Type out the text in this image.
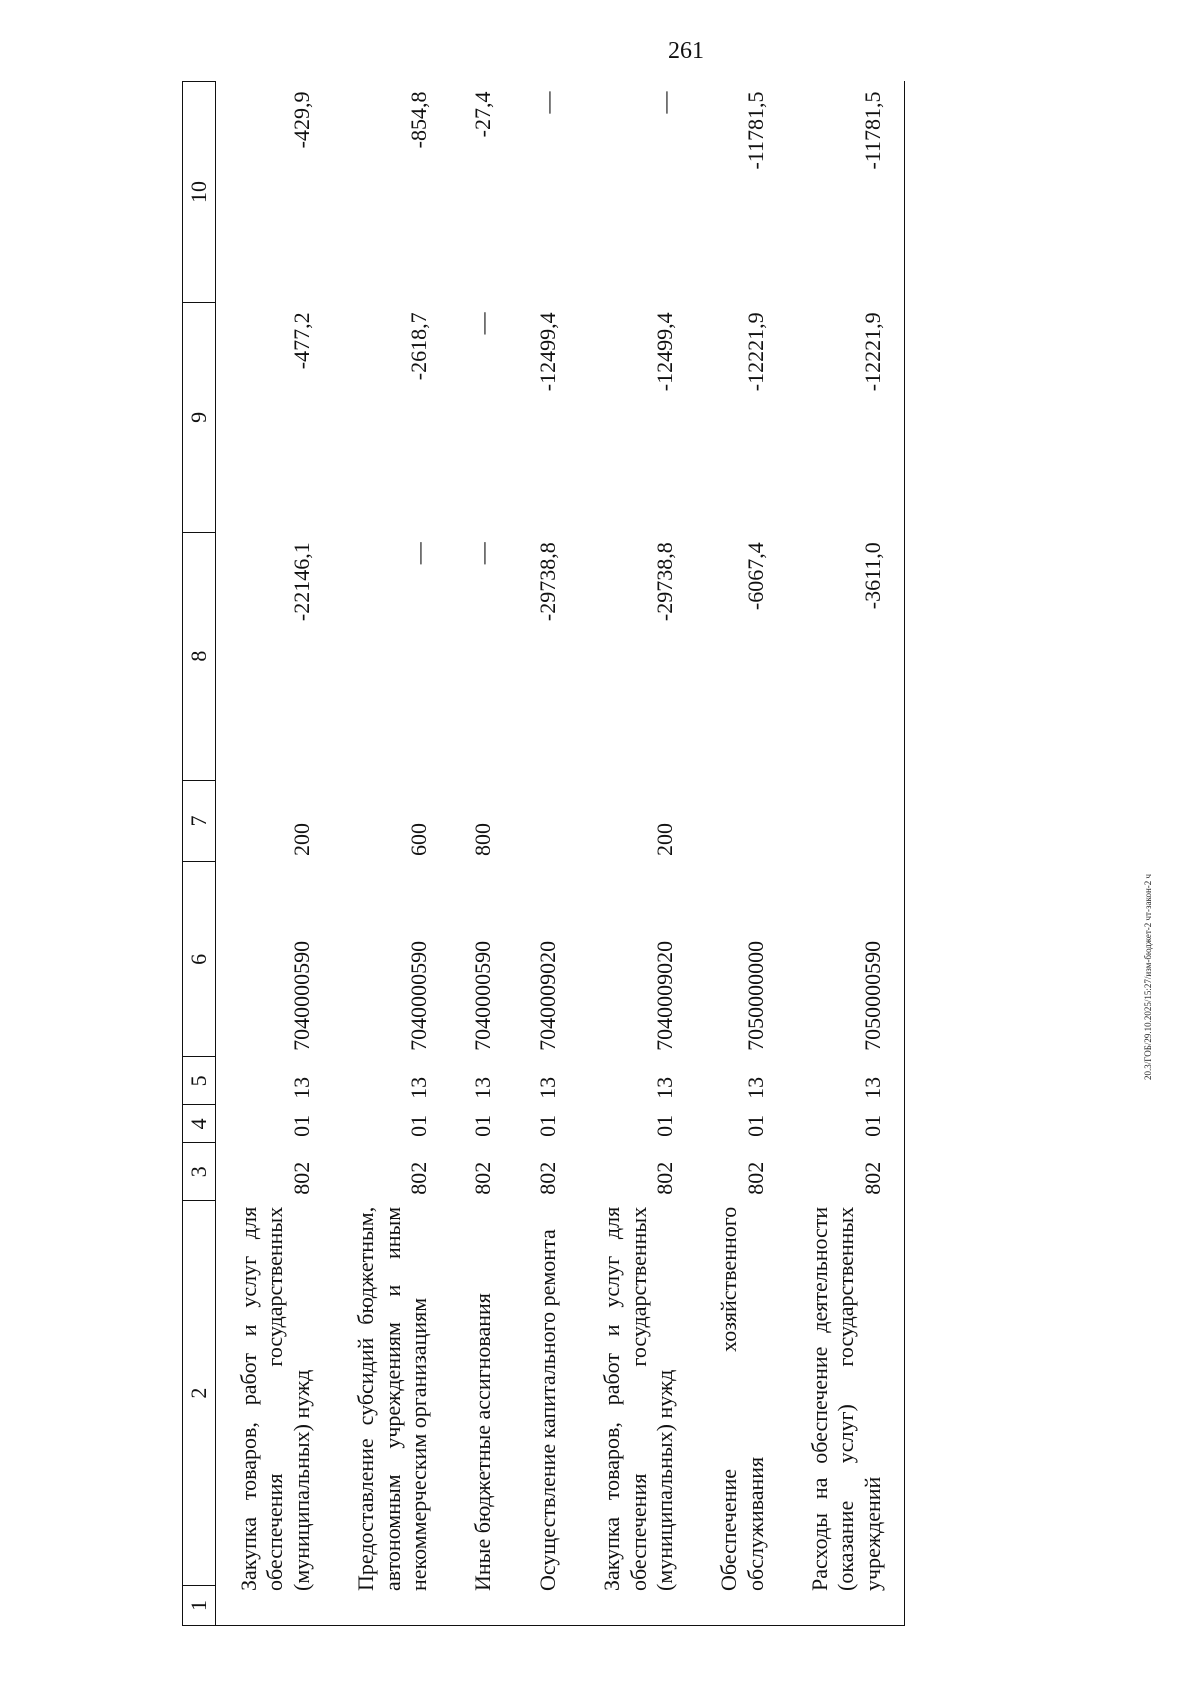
261
1	2	3	4	5	6	7	8	9	10
Закупка товаров, работ и услуг для обеспечения государственных (муниципальных) нужд		802	01	13	7040000590	200	-22146,1	-477,2	-429,9
Предоставление субсидий бюджетным, автономным учреждениям и иным некоммерческим организациям		802	01	13	7040000590	600	—	-2618,7	-854,8
Иные бюджетные ассигнования		802	01	13	7040000590	800	—	—	-27,4
Осуществление капитального ремонта		802	01	13	7040009020		-29738,8	-12499,4	—
Закупка товаров, работ и услуг для обеспечения государственных (муниципальных) нужд		802	01	13	7040009020	200	-29738,8	-12499,4	—
Обеспечение хозяйственного обслуживания		802	01	13	7050000000		-6067,4	-12221,9	-11781,5
Расходы на обеспечение деятельности (оказание услуг) государственных учреждений		802	01	13	7050000590		-3611,0	-12221,9	-11781,5
20.3/ГОБ/29.10.2025/15:27/изм-бюджет-2 чт-закон-2 ч
